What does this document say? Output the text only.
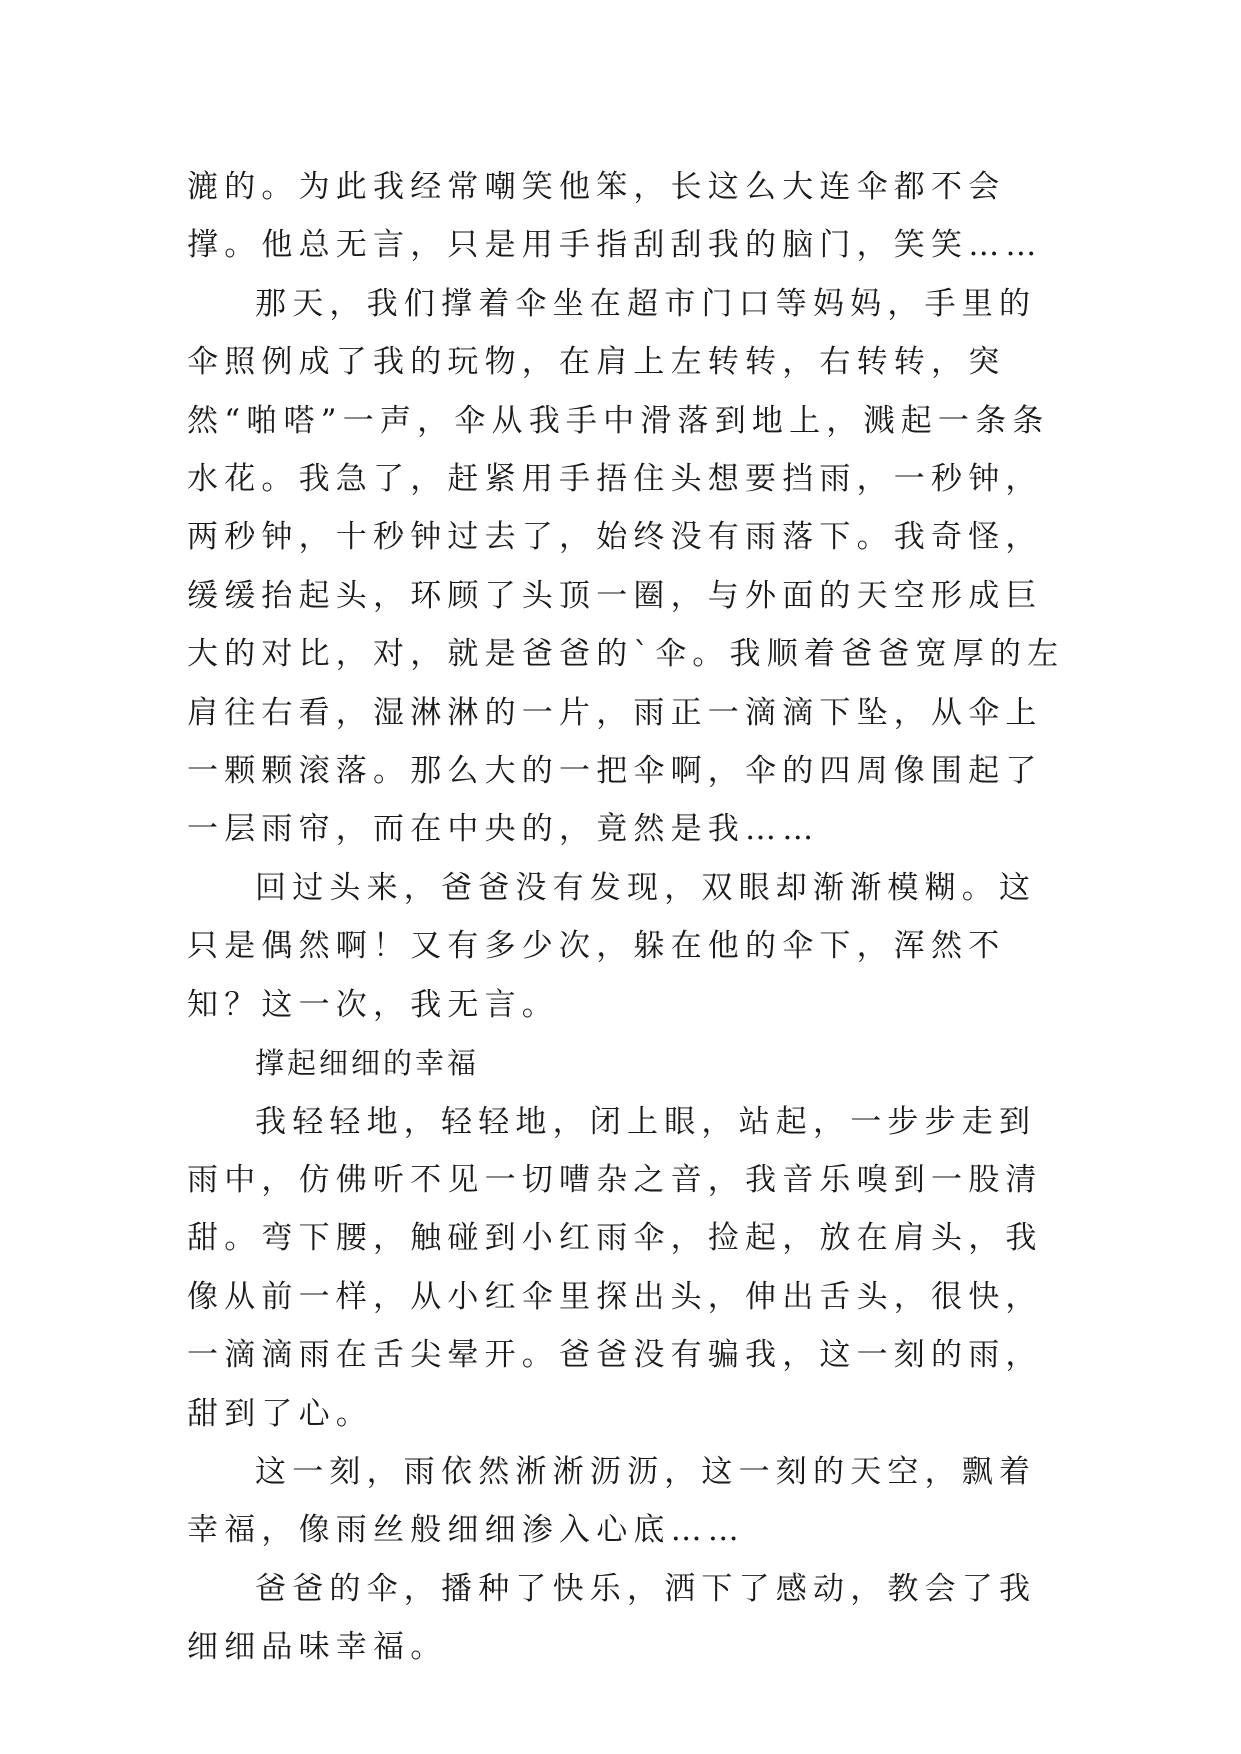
漉的。为此我经常嘲笑他笨，长这么大连伞都不会撑。他总无言，只是用手指刮刮我的脑门，笑笑……

那天，我们撑着伞坐在超市门口等妈妈，手里的伞照例成了我的玩物，在肩上左转转，右转转，突然“啪嗒”一声，伞从我手中滑落到地上，溅起一条条水花。我急了，赶紧用手捂住头想要挡雨，一秒钟，两秒钟，十秒钟过去了，始终没有雨落下。我奇怪，缓缓抬起头，环顾了头顶一圈，与外面的天空形成巨大的对比，对，就是爸爸的`伞。我顺着爸爸宽厚的左肩往右看，湿淋淋的一片，雨正一滴滴下坠，从伞上一颗颗滚落。那么大的一把伞啊，伞的四周像围起了一层雨帘，而在中央的，竟然是我……

回过头来，爸爸没有发现，双眼却渐渐模糊。这只是偶然啊！又有多少次，躲在他的伞下，浑然不知？这一次，我无言。

撑起细细的幸福

我轻轻地，轻轻地，闭上眼，站起，一步步走到雨中，仿佛听不见一切嘈杂之音，我音乐嗅到一股清甜。弯下腰，触碰到小红雨伞，捡起，放在肩头，我像从前一样，从小红伞里探出头，伸出舌头，很快，一滴滴雨在舌尖晕开。爸爸没有骗我，这一刻的雨，甜到了心。

这一刻，雨依然淅淅沥沥，这一刻的天空，飘着幸福，像雨丝般细细渗入心底……

爸爸的伞，播种了快乐，洒下了感动，教会了我细细品味幸福。
